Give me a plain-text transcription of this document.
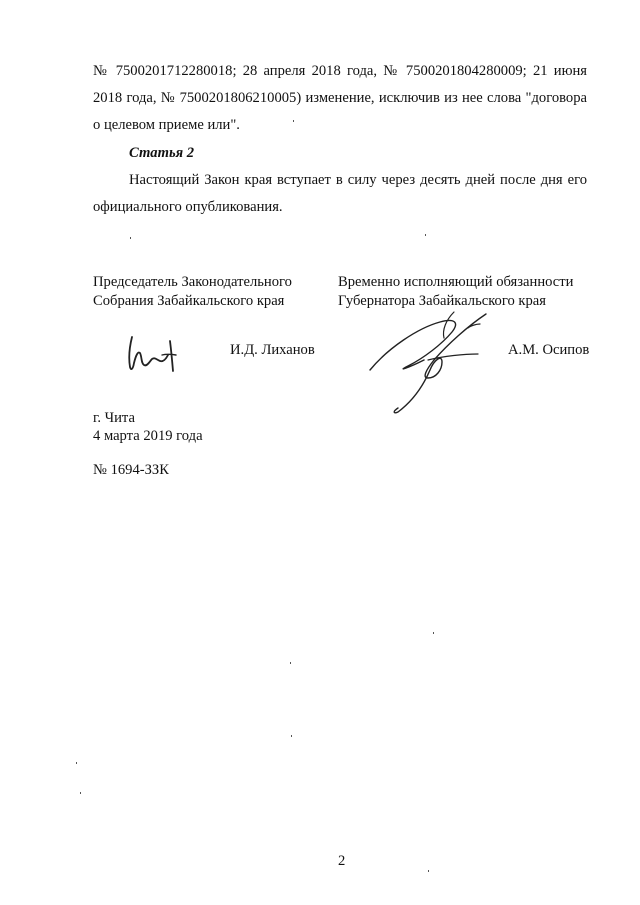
№ 7500201712280018; 28 апреля 2018 года, № 7500201804280009; 21 июня
2018 года, № 7500201806210005) изменение, исключив из нее слова "договора
о целевом приеме или".
Статья 2
Настоящий Закон края вступает в силу через десять дней после дня его
официального опубликования.
Председатель Законодательного
Собрания Забайкальского края
Временно исполняющий обязанности
Губернатора Забайкальского края
И.Д. Лиханов	А.М. Осипов
г. Чита
4 марта 2019 года
№ 1694-ЗЗК
2
